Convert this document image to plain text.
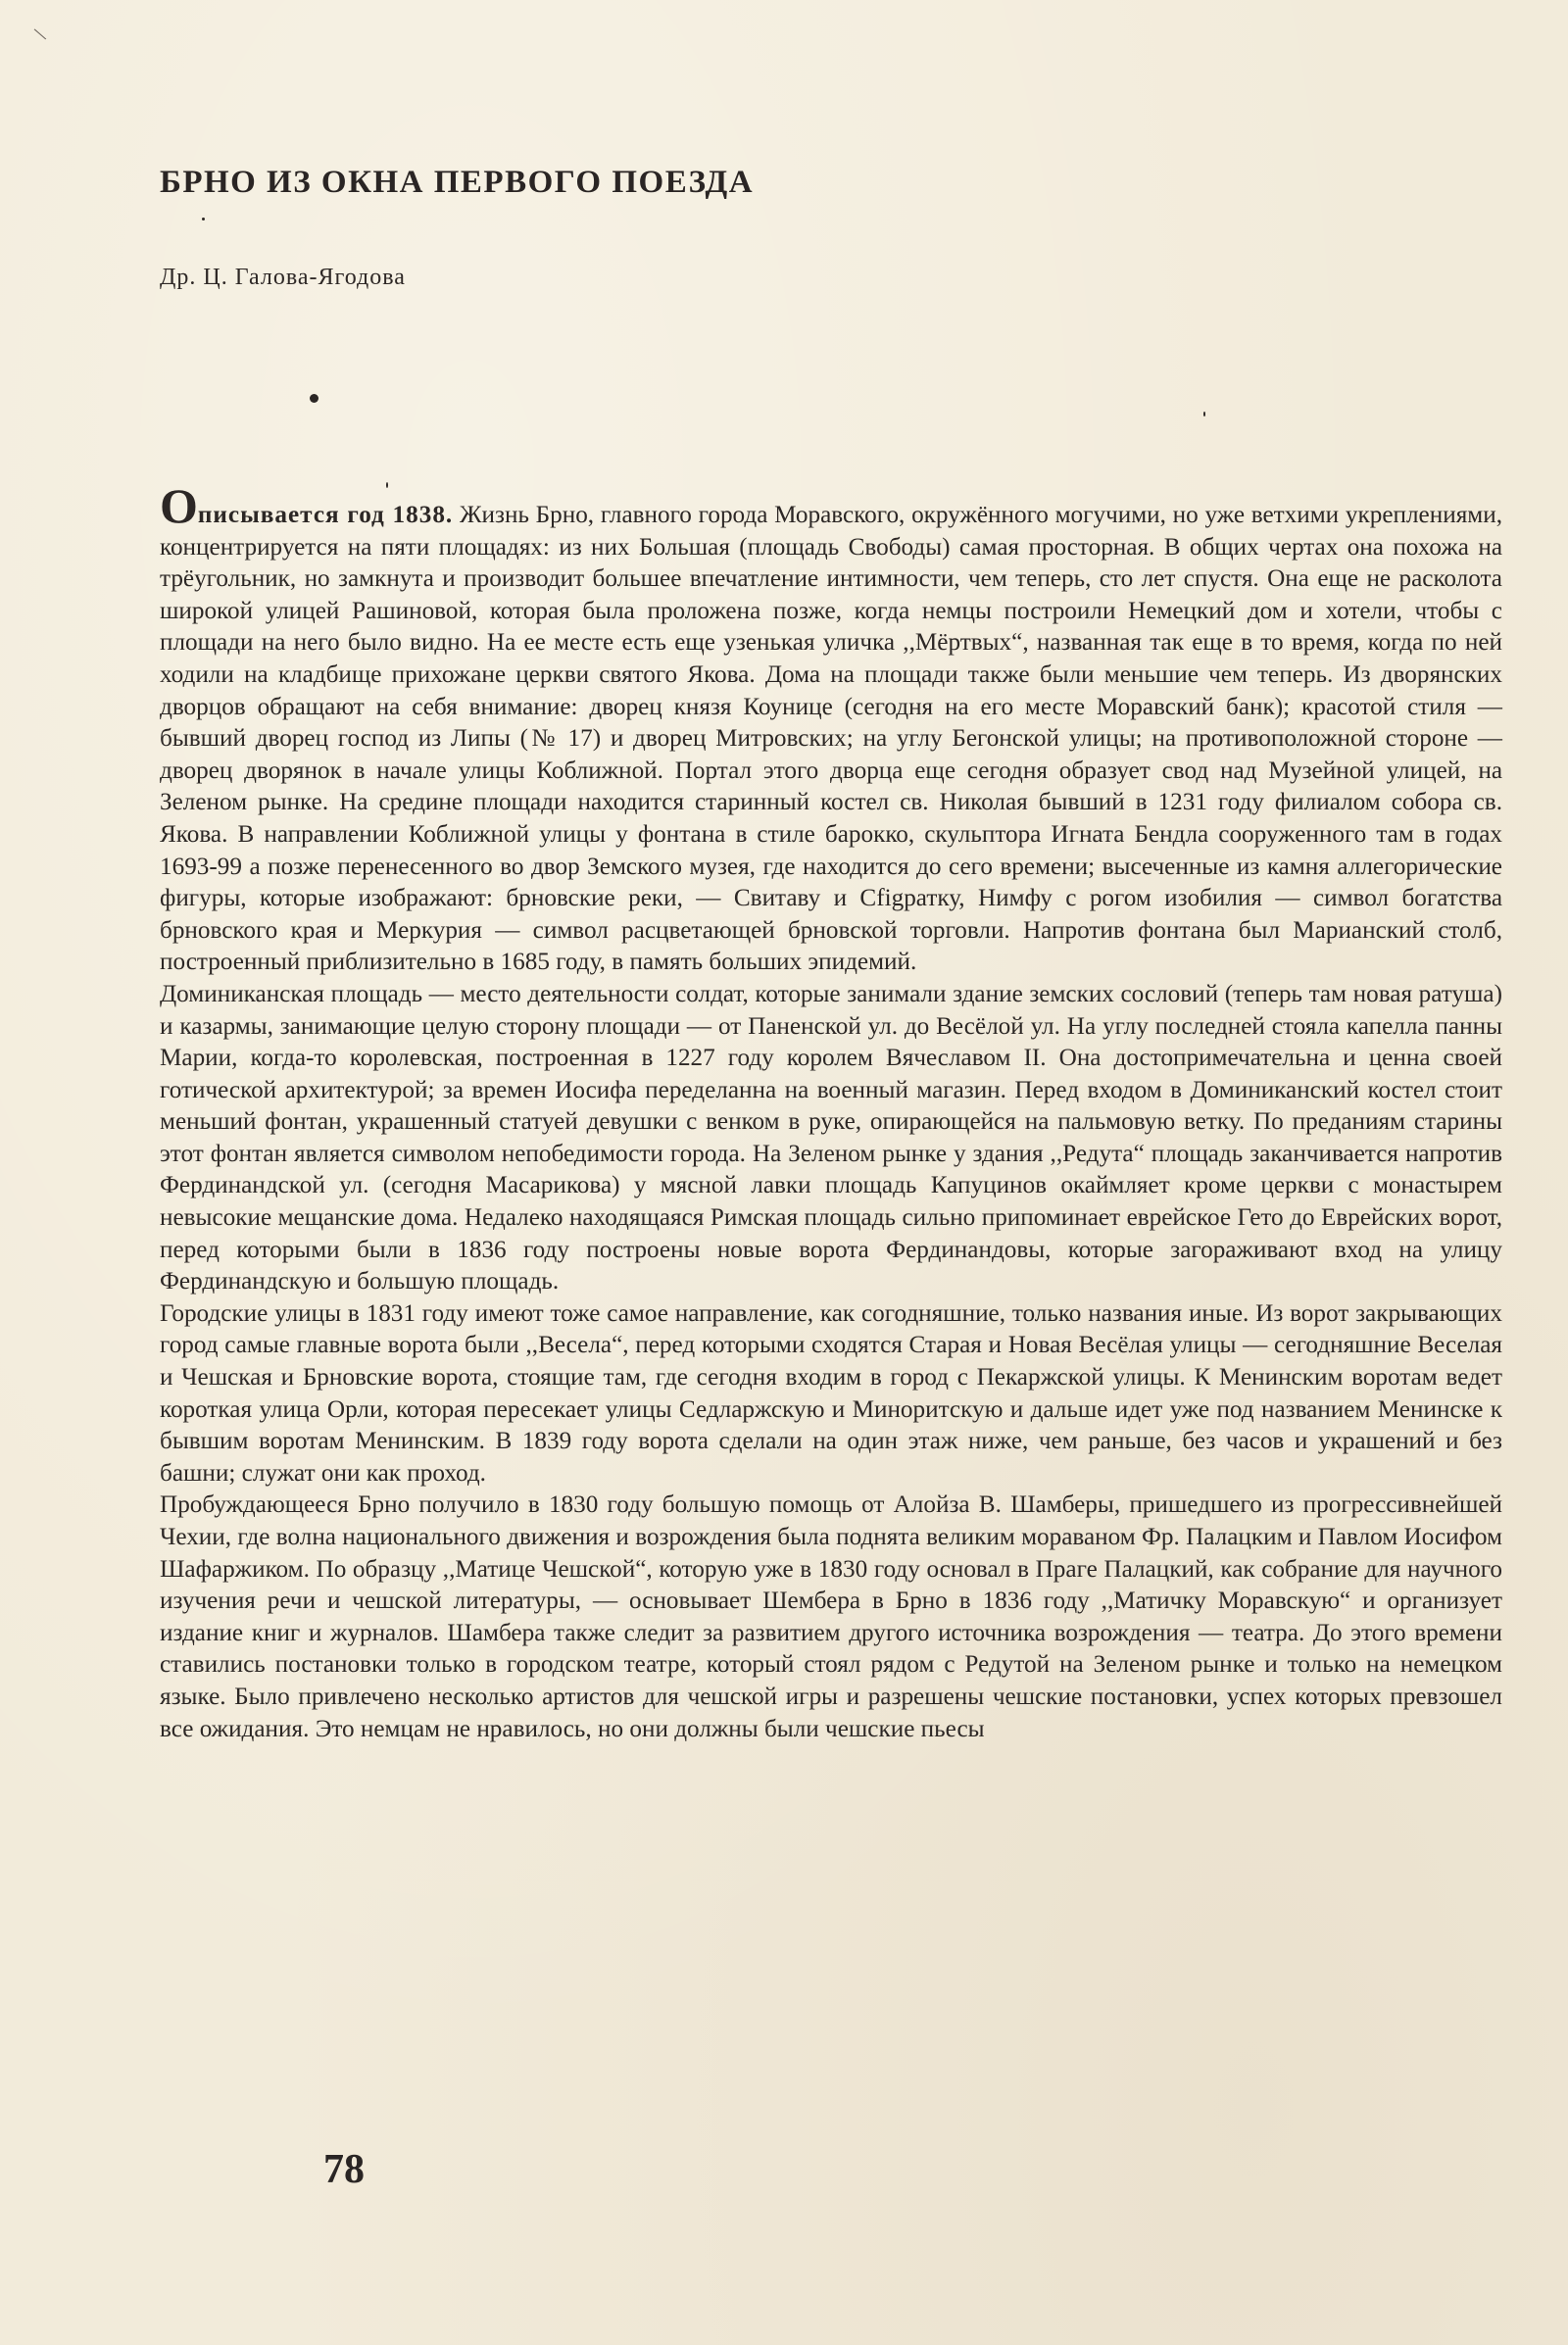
\
БРНО ИЗ ОКНА ПЕРВОГО ПОЕЗДА

Др. Ц. Галова-Ягодова

Описывается год 1838. Жизнь Брно, главного города Моравского, окружённого могучими, но уже ветхими укреплениями, концентрируется на пяти площадях: из них Большая (площадь Свободы) самая просторная. В общих чертах она похожа на трёугольник, но замкнута и производит большее впечатление интимности, чем теперь, сто лет спустя. Она еще не расколота широкой улицей Рашиновой, которая была проложена позже, когда немцы построили Немецкий дом и хотели, чтобы с площади на него было видно. На ее месте есть еще узенькая уличка ,,Мёртвых“, названная так еще в то время, когда по ней ходили на кладбище прихожане церкви святого Якова. Дома на площади также были меньшие чем теперь. Из дворянских дворцов обращают на себя внимание: дворец князя Коунице (сегодня на его месте Моравский банк); красотой стиля — бывший дворец господ из Липы (№ 17) и дворец Митровских; на углу Бегонской улицы; на противоположной стороне — дворец дворянок в начале улицы Коближной. Портал этого дворца еще сегодня образует свод над Музейной улицей, на Зеленом рынке. На средине площади находится старинный костел св. Николая бывший в 1231 году филиалом собора св. Якова. В направлении Коближной улицы у фонтана в стиле барокко, скульптора Игната Бендла сооруженного там в годах 1693-99 а позже перенесенного во двор Земского музея, где находится до сего времени; высеченные из камня аллегорические фигуры, которые изображают: брновские реки, — Свитаву и Сfigратку, Нимфу с рогом изобилия — символ богатства брновского края и Меркурия — символ расцветающей брновской торговли. Напротив фонтана был Марианский столб, построенный приблизительно в 1685 году, в память больших эпидемий.

Доминиканская площадь — место деятельности солдат, которые занимали здание земских сословий (теперь там новая ратуша) и казармы, занимающие целую сторону площади — от Паненской ул. до Весёлой ул. На углу последней стояла капелла панны Марии, когда-то королевская, построенная в 1227 году королем Вячеславом II. Она достопримечательна и ценна своей готической архитектурой; за времен Иосифа переделанна на военный магазин. Перед входом в Доминиканский костел стоит меньший фонтан, украшенный статуей девушки с венком в руке, опирающейся на пальмовую ветку. По преданиям старины этот фонтан является символом непобедимости города. На Зеленом рынке у здания ,,Редута“ площадь заканчивается напротив Фердинандской ул. (сегодня Масарикова) у мясной лавки площадь Капуцинов окаймляет кроме церкви с монастырем невысокие мещанские дома. Недалеко находящаяся Римская площадь сильно припоминает еврейское Гето до Еврейских ворот, перед которыми были в 1836 году построены новые ворота Фердинандовы, которые загораживают вход на улицу Фердинандскую и большую площадь.

Городские улицы в 1831 году имеют тоже самое направление, как согодняшние, только названия иные. Из ворот закрывающих город самые главные ворота были ,,Весела“, перед которыми сходятся Старая и Новая Весёлая улицы — сегодняшние Веселая и Чешская и Брновские ворота, стоящие там, где сегодня входим в город с Пекаржской улицы. К Менинским воротам ведет короткая улица Орли, которая пересекает улицы Седларжскую и Миноритскую и дальше идет уже под названием Менинске к бывшим воротам Менинским. В 1839 году ворота сделали на один этаж ниже, чем раньше, без часов и украшений и без башни; служат они как проход.

Пробуждающееся Брно получило в 1830 году большую помощь от Алойза В. Шамберы, пришедшего из прогрессивнейшей Чехии, где волна национального движения и возрождения была поднята великим мораваном Фр. Палацким и Павлом Иосифом Шафаржиком. По образцу ,,Матице Чешской“, которую уже в 1830 году основал в Праге Палацкий, как собрание для научного изучения речи и чешской литературы, — основывает Шембера в Брно в 1836 году ,,Матичку Моравскую“ и организует издание книг и журналов. Шамбера также следит за развитием другого источника возрождения — театра. До этого времени ставились постановки только в городском театре, который стоял рядом с Редутой на Зеленом рынке и только на немецком языке. Было привлечено несколько артистов для чешской игры и разрешены чешские постановки, успех которых превзошел все ожидания. Это немцам не нравилось, но они должны были чешские пьесы

78
